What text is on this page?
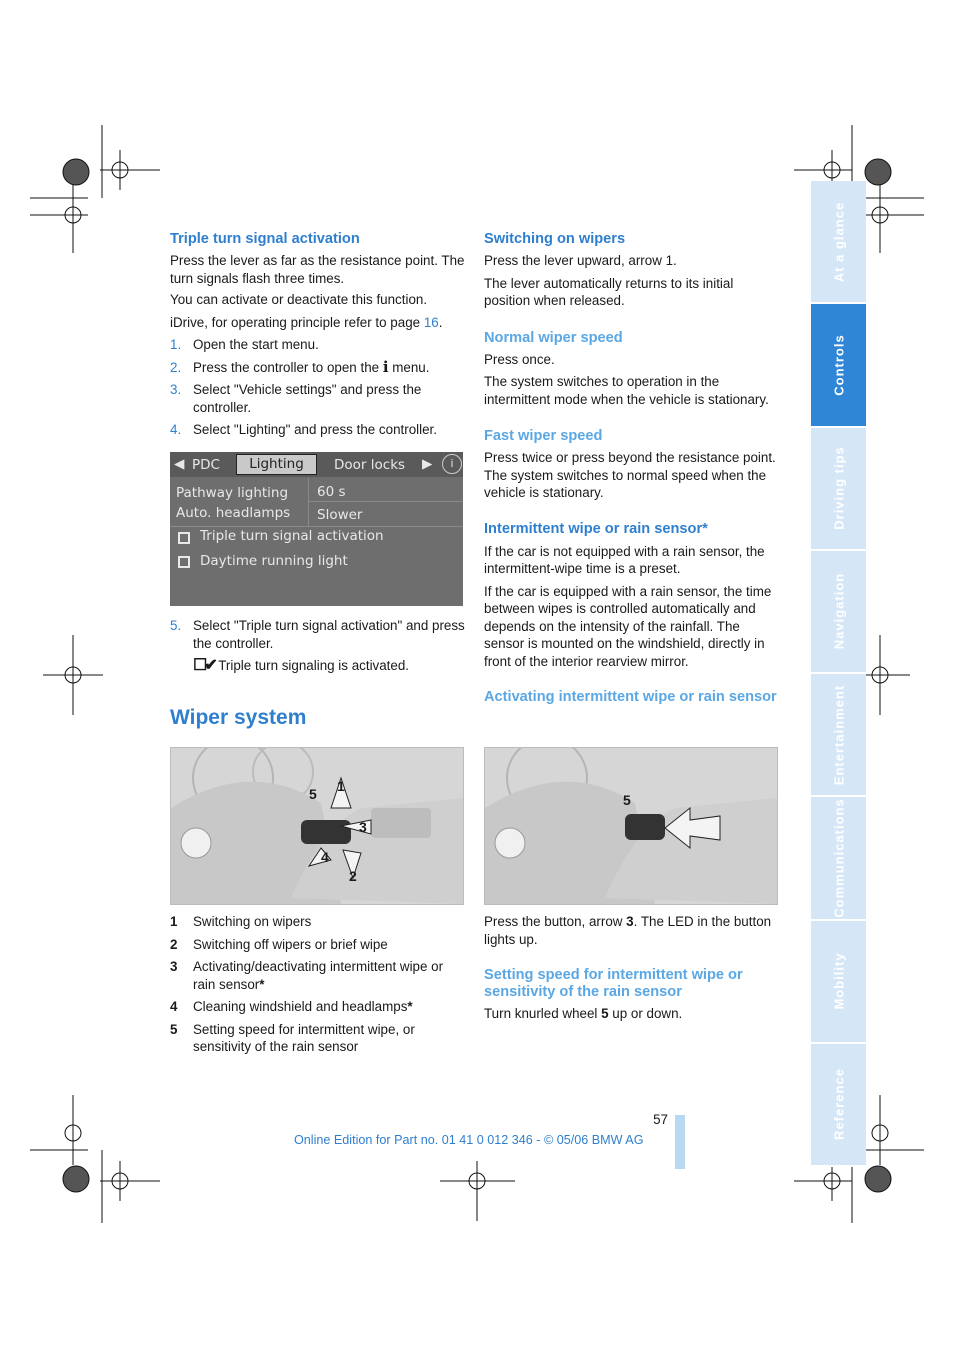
At a glance
Controls
Driving tips
Navigation
Entertainment
Communications
Mobility
Reference
Triple turn signal activation

Press the lever as far as the resistance point. The turn signals flash three times.

You can activate or deactivate this function.

iDrive, for operating principle refer to page 16.

1. Open the start menu.
2. Press the controller to open the i menu.
3. Select "Vehicle settings" and press the controller.
4. Select "Lighting" and press the controller.
◀ PDC	Lighting	Door locks ▶	i
Pathway lighting 60 s
Auto. headlamps Slower
Triple turn signal activation
Daytime running light
5. Select "Triple turn signal activation" and press the controller.

☐✔ Triple turn signaling is activated.

Wiper system
5 1
3
4
2
1 Switching on wipers
2 Switching off wipers or brief wipe
3 Activating/deactivating intermittent wipe or rain sensor*
4 Cleaning windshield and headlamps*
5 Setting speed for intermittent wipe, or sensitivity of the rain sensor
Switching on wipers

Press the lever upward, arrow 1.

The lever automatically returns to its initial position when released.

Normal wiper speed

Press once.

The system switches to operation in the intermittent mode when the vehicle is stationary.

Fast wiper speed

Press twice or press beyond the resistance point.

The system switches to normal speed when the vehicle is stationary.

Intermittent wipe or rain sensor*

If the car is not equipped with a rain sensor, the intermittent-wipe time is a preset.

If the car is equipped with a rain sensor, the time between wipes is controlled automatically and depends on the intensity of the rainfall. The sensor is mounted on the windshield, directly in front of the interior rearview mirror.

Activating intermittent wipe or rain sensor
5

Press the button, arrow 3. The LED in the button lights up.

Setting speed for intermittent wipe or sensitivity of the rain sensor

Turn knurled wheel 5 up or down.

57
Online Edition for Part no. 01 41 0 012 346 - © 05/06 BMW AG
